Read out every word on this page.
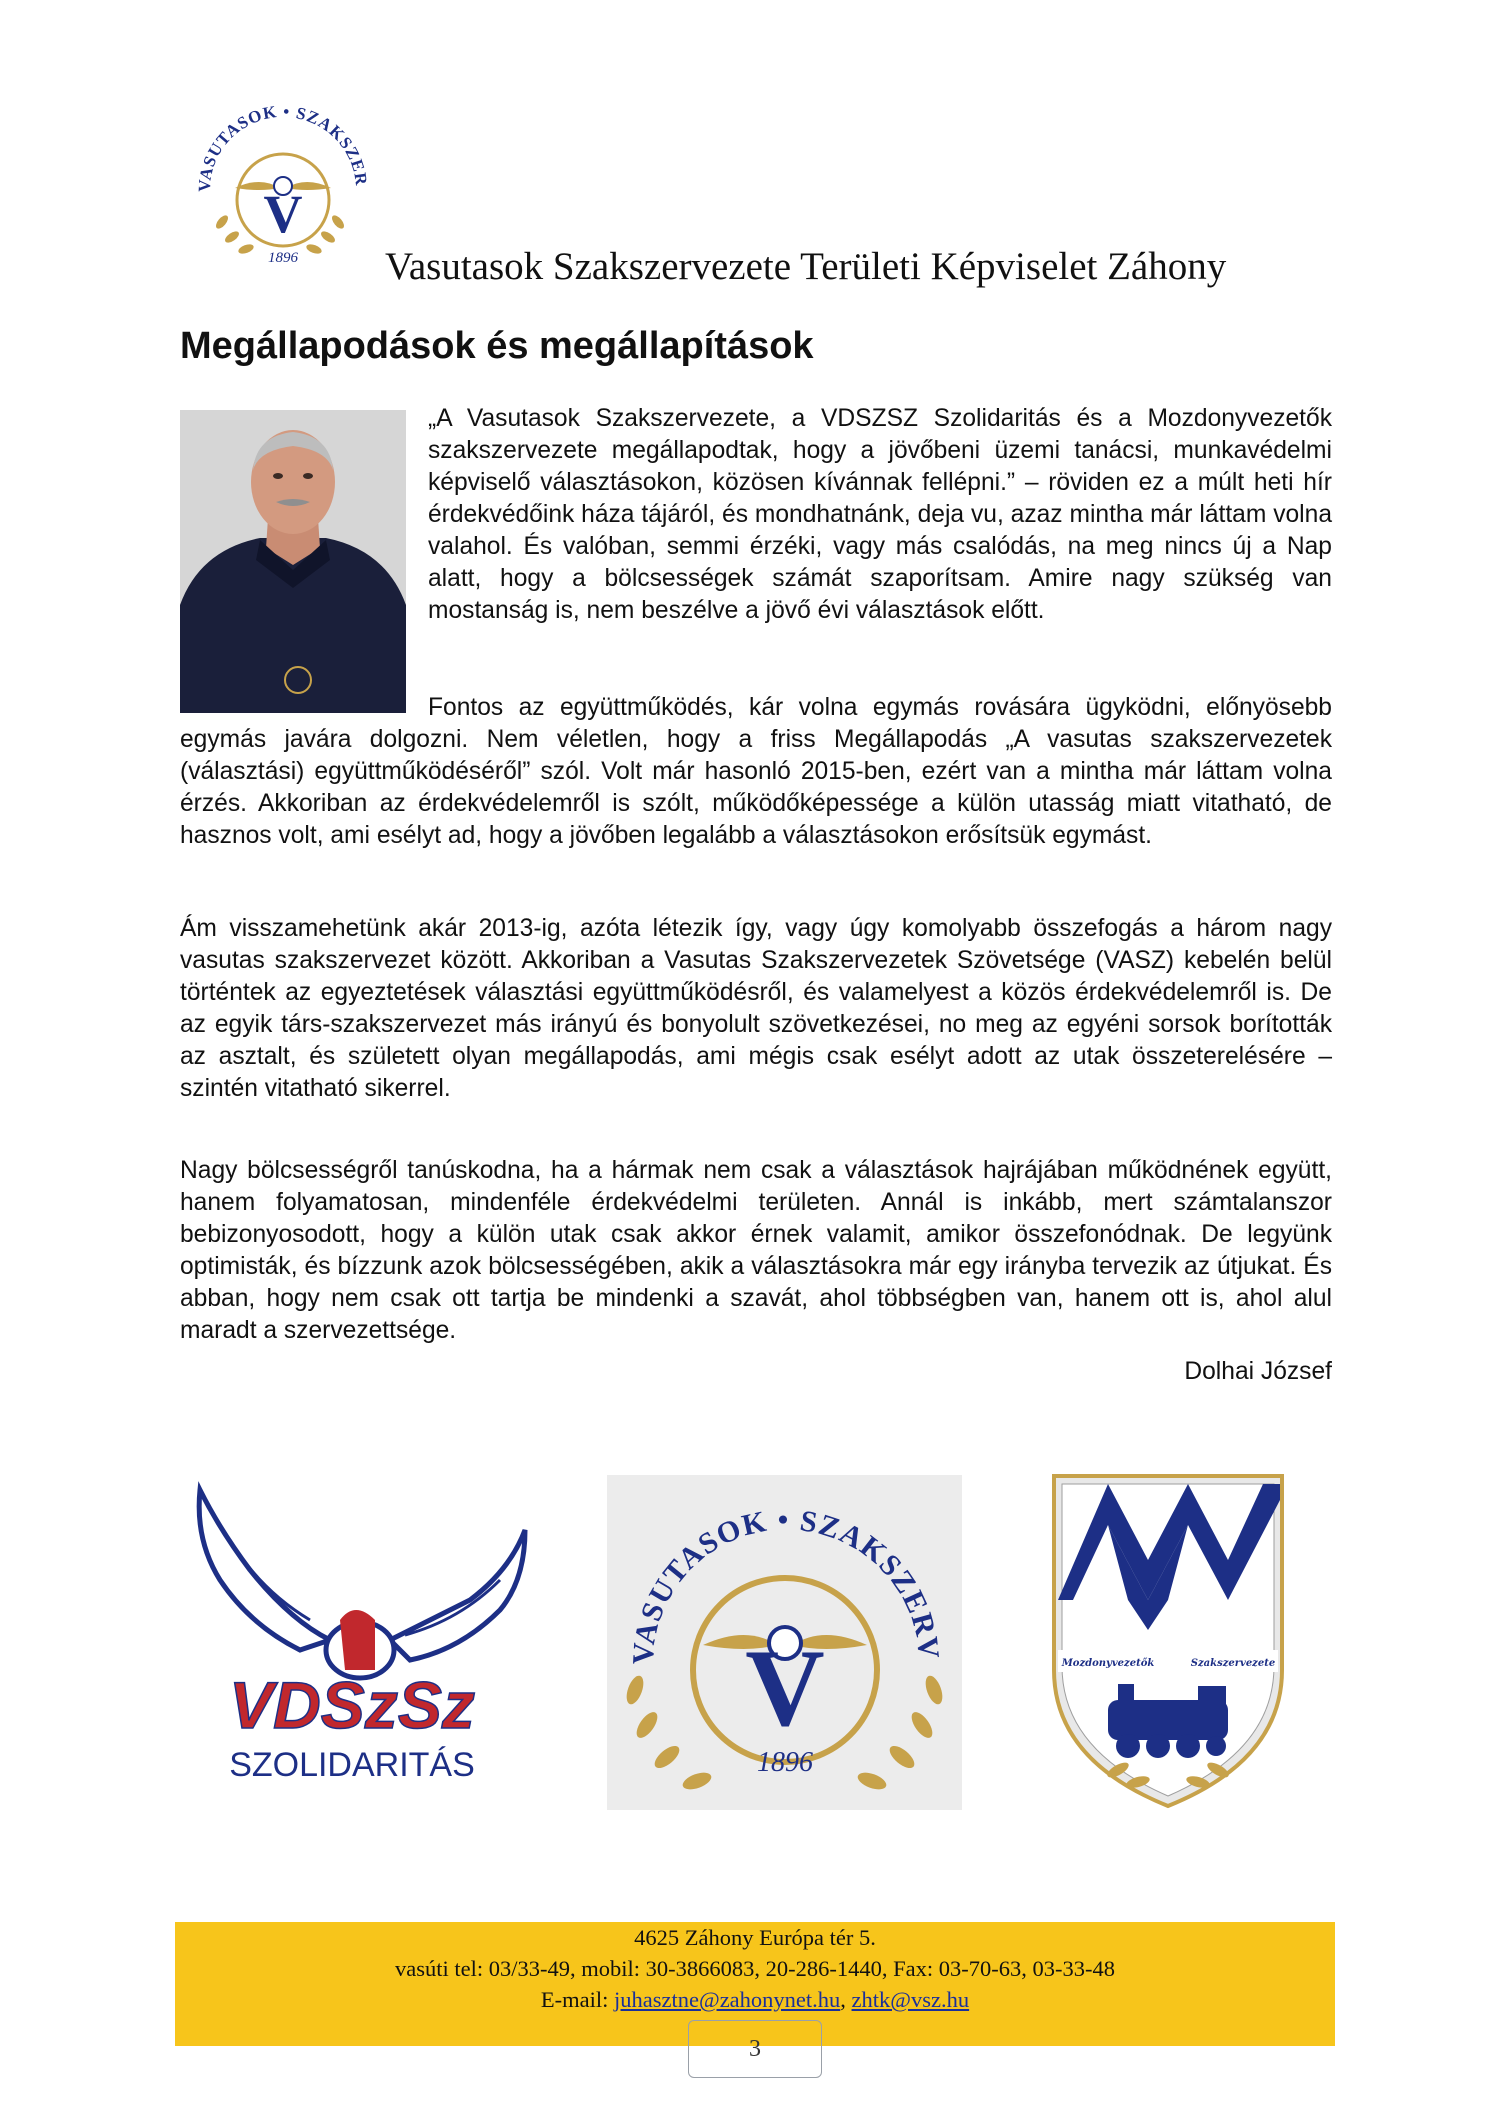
VASUTASOK • SZAKSZER
V
1896 Vasutasok Szakszervezete Területi Képviselet Záhony
Megállapodások és megállapítások

„A Vasutasok Szakszervezete, a VDSZSZ Szolidaritás és a Mozdonyvezetők szakszervezete megállapodtak, hogy a jövőbeni üzemi tanácsi, munkavédelmi képviselő választásokon, közösen kívánnak fellépni.” – röviden ez a múlt heti hír érdekvédőink háza tájáról, és mondhatnánk, deja vu, azaz mintha már láttam volna valahol. És valóban, semmi érzéki, vagy más csalódás, na meg nincs új a Nap alatt, hogy a bölcsességek számát szaporítsam. Amire nagy szükség van mostanság is, nem beszélve a jövő évi választások előtt.

Fontos az együttműködés, kár volna egymás rovására ügyködni, előnyösebb egymás javára dolgozni. Nem véletlen, hogy a friss Megállapodás „A vasutas szakszervezetek (választási) együttműködéséről” szól. Volt már hasonló 2015-ben, ezért van a mintha már láttam volna érzés. Akkoriban az érdekvédelemről is szólt, működőképessége a külön utasság miatt vitatható, de hasznos volt, ami esélyt ad, hogy a jövőben legalább a választásokon erősítsük egymást.

Ám visszamehetünk akár 2013-ig, azóta létezik így, vagy úgy komolyabb összefogás a három nagy vasutas szakszervezet között. Akkoriban a Vasutas Szakszervezetek Szövetsége (VASZ) kebelén belül történtek az egyeztetések választási együttműködésről, és valamelyest a közös érdekvédelemről is. De az egyik társ-szakszervezet más irányú és bonyolult szövetkezései, no meg az egyéni sorsok borították az asztalt, és született olyan megállapodás, ami mégis csak esélyt adott az utak összeterelésére – szintén vitatható sikerrel.

Nagy bölcsességről tanúskodna, ha a hármak nem csak a választások hajrájában működnének együtt, hanem folyamatosan, mindenféle érdekvédelmi területen. Annál is inkább, mert számtalanszor bebizonyosodott, hogy a külön utak csak akkor érnek valamit, amikor összefonódnak. De legyünk optimisták, és bízzunk azok bölcsességében, akik a választásokra már egy irányba tervezik az útjukat. És abban, hogy nem csak ott tartja be mindenki a szavát, ahol többségben van, hanem ott is, ahol alul maradt a szervezettsége.

Dolhai József
VDSzSz
SZOLIDARITÁS
VASUTASOK • SZAKSZERV
V
1896
Mozdonyvezetők	Szakszervezete
4625 Záhony Európa tér 5.
vasúti tel: 03/33-49, mobil: 30-3866083, 20-286-1440, Fax: 03-70-63, 03-33-48
E-mail: juhasztne@zahonynet.hu, zhtk@vsz.hu
3
